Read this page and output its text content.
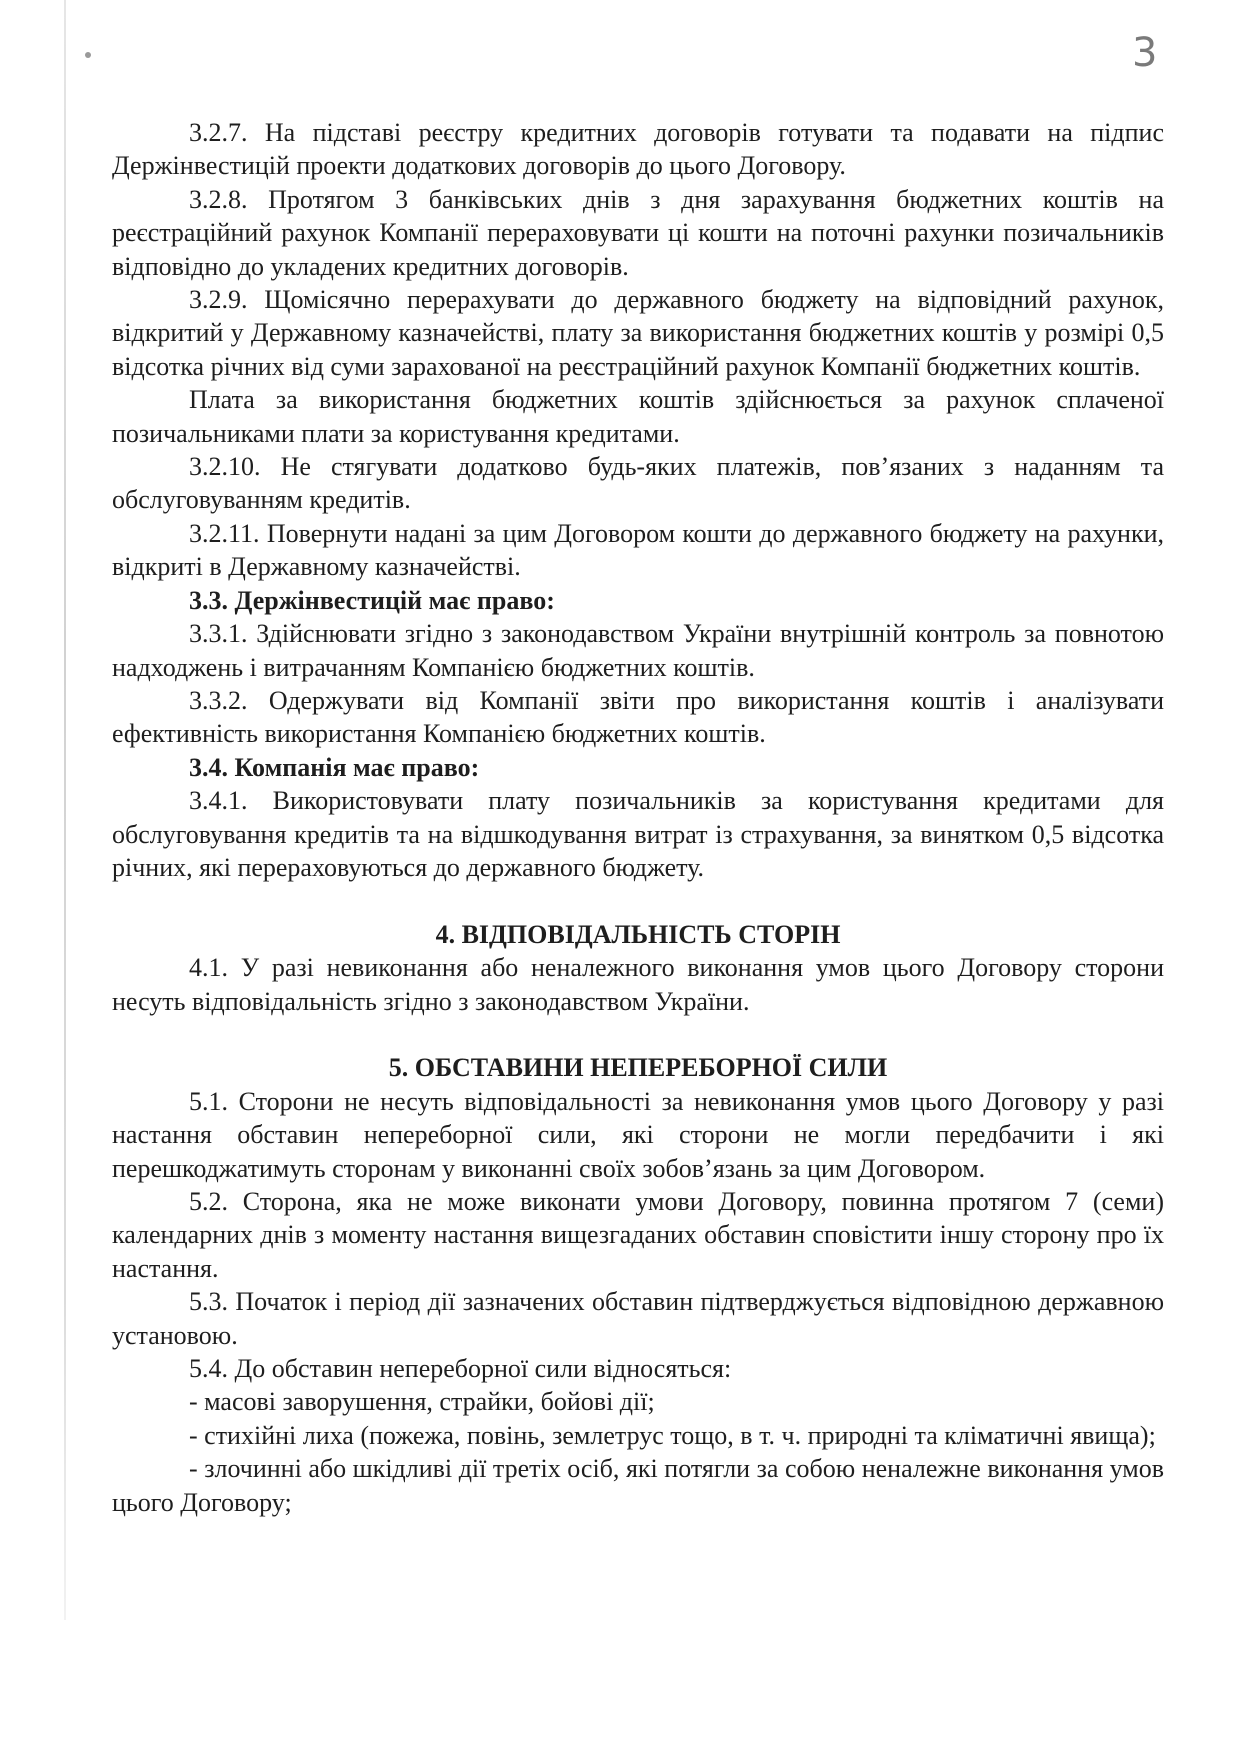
3

3.2.7. На підставі реєстру кредитних договорів готувати та подавати на підпис Держінвестицій проекти додаткових договорів до цього Договору.

3.2.8. Протягом 3 банківських днів з дня зарахування бюджетних коштів на реєстраційний рахунок Компанії перераховувати ці кошти на поточні рахунки позичальників відповідно до укладених кредитних договорів.

3.2.9. Щомісячно перерахувати до державного бюджету на відповідний рахунок, відкритий у Державному казначействі, плату за використання бюджетних коштів у розмірі 0,5 відсотка річних від суми зарахованої на реєстраційний рахунок Компанії бюджетних коштів.

Плата за використання бюджетних коштів здійснюється за рахунок сплаченої позичальниками плати за користування кредитами.

3.2.10. Не стягувати додатково будь-яких платежів, пов’язаних з наданням та обслуговуванням кредитів.

3.2.11. Повернути надані за цим Договором кошти до державного бюджету на рахунки, відкриті в Державному казначействі.

3.3. Держінвестицій має право:

3.3.1. Здійснювати згідно з законодавством України внутрішній контроль за повнотою надходжень і витрачанням Компанією бюджетних коштів.

3.3.2. Одержувати від Компанії звіти про використання коштів і аналізувати ефективність використання Компанією бюджетних коштів.

3.4. Компанія має право:

3.4.1. Використовувати плату позичальників за користування кредитами для обслуговування кредитів та на відшкодування витрат із страхування, за винятком 0,5 відсотка річних, які перераховуються до державного бюджету.

4. ВІДПОВІДАЛЬНІСТЬ СТОРІН

4.1. У разі невиконання або неналежного виконання умов цього Договору сторони несуть відповідальність згідно з законодавством України.

5. ОБСТАВИНИ НЕПЕРЕБОРНОЇ СИЛИ

5.1. Сторони не несуть відповідальності за невиконання умов цього Договору у разі настання обставин непереборної сили, які сторони не могли передбачити і які перешкоджатимуть сторонам у виконанні своїх зобов’язань за цим Договором.

5.2. Сторона, яка не може виконати умови Договору, повинна протягом 7 (семи) календарних днів з моменту настання вищезгаданих обставин сповістити іншу сторону про їх настання.

5.3. Початок і період дії зазначених обставин підтверджується відповідною державною установою.

5.4. До обставин непереборної сили відносяться:

- масові заворушення, страйки, бойові дії;

- стихійні лиха (пожежа, повінь, землетрус тощо, в т. ч. природні та кліматичні явища);

- злочинні або шкідливі дії третіх осіб, які потягли за собою неналежне виконання умов цього Договору;
